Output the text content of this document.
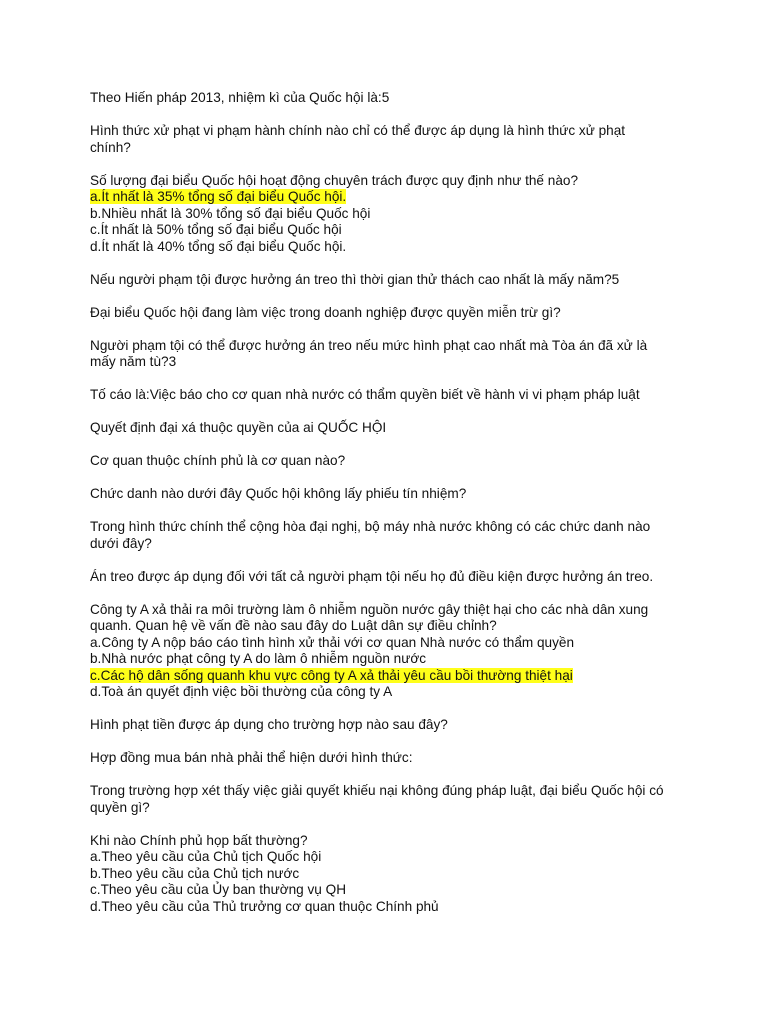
Theo Hiến pháp 2013, nhiệm kì của Quốc hội là:5
Hình thức xử phạt vi phạm hành chính nào chỉ có thể được áp dụng là hình thức xử phạt
chính?
Số lượng đại biểu Quốc hội hoạt động chuyên trách được quy định như thế nào?
a.Ít nhất là 35% tổng số đại biểu Quốc hội.
b.Nhiều nhất là 30% tổng số đại biểu Quốc hội
c.Ít nhất là 50% tổng số đại biểu Quốc hội
d.Ít nhất là 40% tổng số đại biểu Quốc hội.
Nếu người phạm tội được hưởng án treo thì thời gian thử thách cao nhất là mấy năm?5
Đại biểu Quốc hội đang làm việc trong doanh nghiệp được quyền miễn trừ gì?
Người phạm tội có thể được hưởng án treo nếu mức hình phạt cao nhất mà Tòa án đã xử là
mấy năm tù?3
Tố cáo là:Việc báo cho cơ quan nhà nước có thẩm quyền biết về hành vi vi phạm pháp luật
Quyết định đại xá thuộc quyền của ai QUỐC HỘI
Cơ quan thuộc chính phủ là cơ quan nào?
Chức danh nào dưới đây Quốc hội không lấy phiếu tín nhiệm?
Trong hình thức chính thể cộng hòa đại nghị, bộ máy nhà nước không có các chức danh nào
dưới đây?
Án treo được áp dụng đối với tất cả người phạm tội nếu họ đủ điều kiện được hưởng án treo.
Công ty A xả thải ra môi trường làm ô nhiễm nguồn nước gây thiệt hại cho các nhà dân xung
quanh. Quan hệ về vấn đề nào sau đây do Luật dân sự điều chỉnh?
a.Công ty A nộp báo cáo tình hình xử thải với cơ quan Nhà nước có thẩm quyền
b.Nhà nước phạt công ty A do làm ô nhiễm nguồn nước
c.Các hộ dân sống quanh khu vực công ty A xả thải yêu cầu bồi thường thiệt hại
d.Toà án quyết định việc bồi thường của công ty A
Hình phạt tiền được áp dụng cho trường hợp nào sau đây?
Hợp đồng mua bán nhà phải thể hiện dưới hình thức:
Trong trường hợp xét thấy việc giải quyết khiếu nại không đúng pháp luật, đại biểu Quốc hội có
quyền gì?
Khi nào Chính phủ họp bất thường?
a.Theo yêu cầu của Chủ tịch Quốc hội
b.Theo yêu cầu của Chủ tịch nước
c.Theo yêu cầu của Ủy ban thường vụ QH
d.Theo yêu cầu của Thủ trưởng cơ quan thuộc Chính phủ
